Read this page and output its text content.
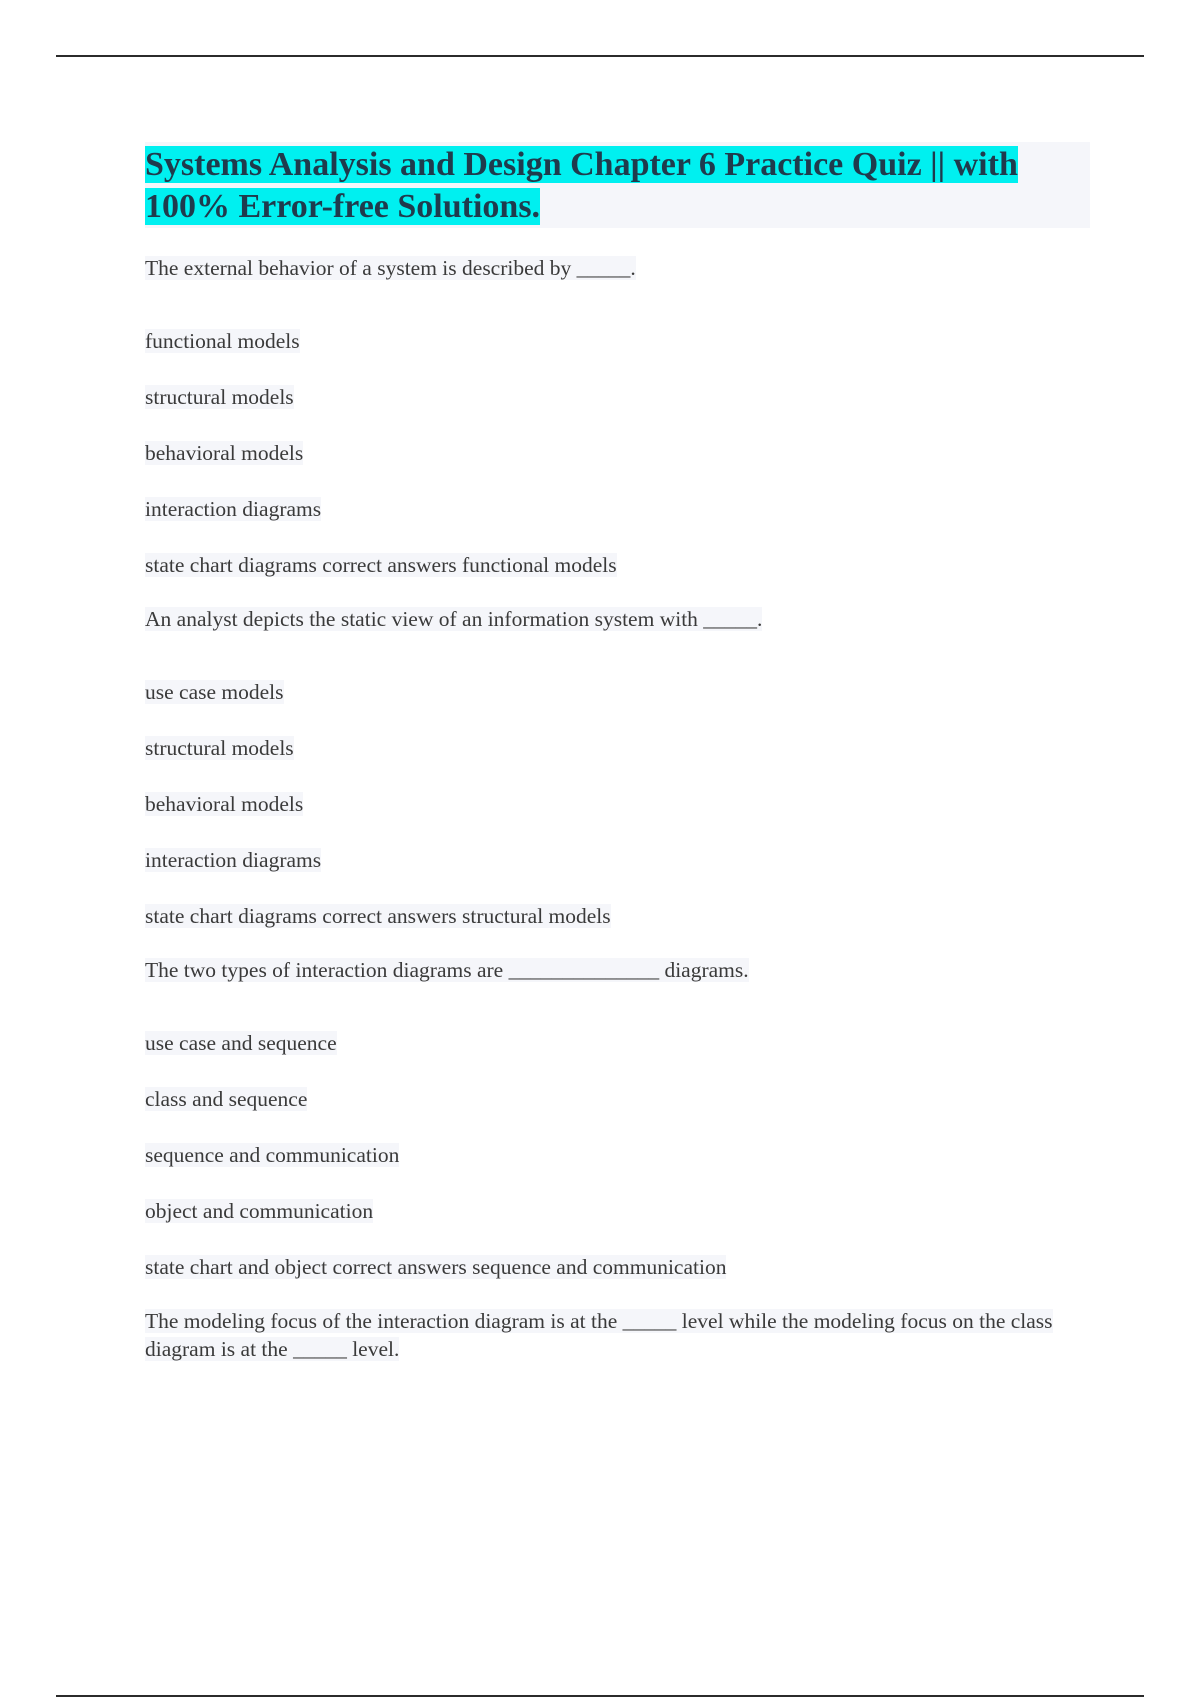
Systems Analysis and Design Chapter 6 Practice Quiz || with 100% Error-free Solutions.

The external behavior of a system is described by _____.

functional models

structural models

behavioral models

interaction diagrams

state chart diagrams correct answers functional models

An analyst depicts the static view of an information system with _____.

use case models

structural models

behavioral models

interaction diagrams

state chart diagrams correct answers structural models

The two types of interaction diagrams are ______________ diagrams.

use case and sequence

class and sequence

sequence and communication

object and communication

state chart and object correct answers sequence and communication

The modeling focus of the interaction diagram is at the _____ level while the modeling focus on the class diagram is at the _____ level.
